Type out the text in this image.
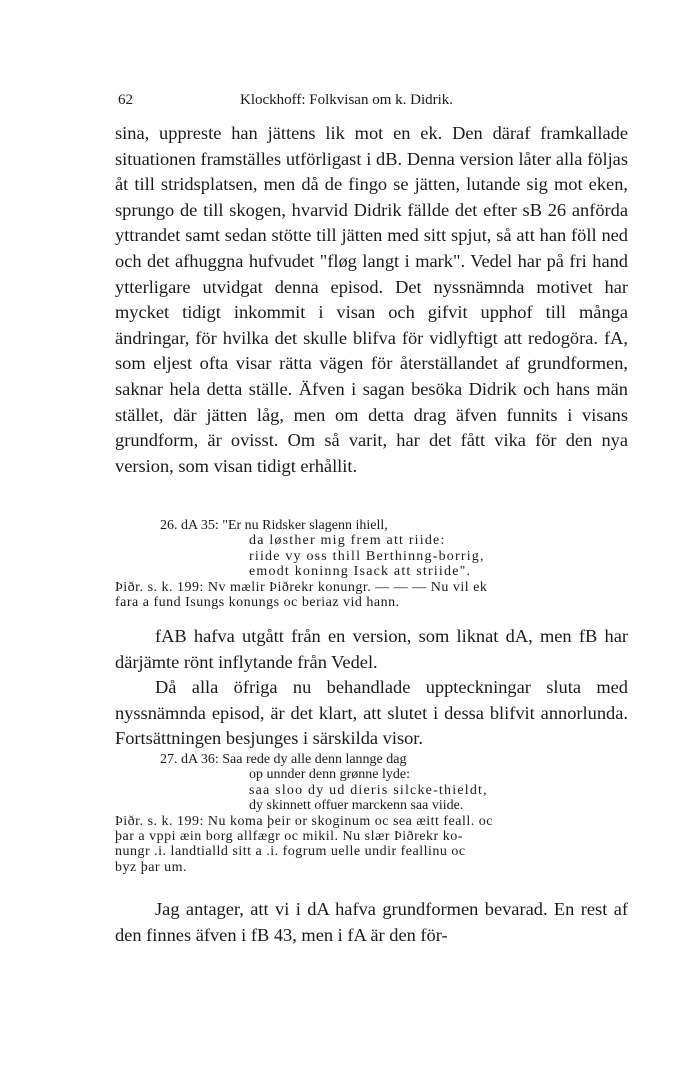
62	Klockhoff: Folkvisan om k. Didrik.

sina, uppreste han jättens lik mot en ek. Den däraf framkallade situationen framställes utförligast i dB. Denna version låter alla följas åt till stridsplatsen, men då de fingo se jätten, lutande sig mot eken, sprungo de till skogen, hvarvid Didrik fällde det efter sB 26 anförda yttrandet samt sedan stötte till jätten med sitt spjut, så att han föll ned och det afhuggna hufvudet "fløg langt i mark". Vedel har på fri hand ytterligare utvidgat denna episod. Det nyssnämnda motivet har mycket tidigt inkommit i visan och gifvit upphof till många ändringar, för hvilka det skulle blifva för vidlyftigt att redogöra. fA, som eljest ofta visar rätta vägen för återställandet af grundformen, saknar hela detta ställe. Äfven i sagan besöka Didrik och hans män stället, där jätten låg, men om detta drag äfven funnits i visans grundform, är ovisst. Om så varit, har det fått vika för den nya version, som visan tidigt erhållit.

26. dA 35: "Er nu Ridsker slagenn ihiell,
da løsther mig frem att riide:
riide vy oss thill Berthinng-borrig,
emodt koninng Isack att striide".
Þiðr. s. k. 199: Nv mælir Þiðrekr konungr. — — — Nu vil ek
fara a fund Isungs konungs oc beriaz vid hann.

fAB hafva utgått från en version, som liknat dA, men fB har därjämte rönt inflytande från Vedel.

Då alla öfriga nu behandlade uppteckningar sluta med nyssnämnda episod, är det klart, att slutet i dessa blifvit annorlunda. Fortsättningen besjunges i särskilda visor.

27. dA 36: Saa rede dy alle denn lannge dag
op unnder denn grønne lyde:
saa sloo dy ud dieris silcke-thieldt,
dy skinnett offuer marckenn saa viide.
Þiðr. s. k. 199: Nu koma þeir or skoginum oc sea æitt feall. oc
þar a vppi æin borg allfægr oc mikil. Nu slær Þiðrekr ko-
nungr .i. landtialld sitt a .i. fogrum uelle undir feallinu oc
byz þar um.

Jag antager, att vi i dA hafva grundformen bevarad. En rest af den finnes äfven i fB 43, men i fA är den för-
